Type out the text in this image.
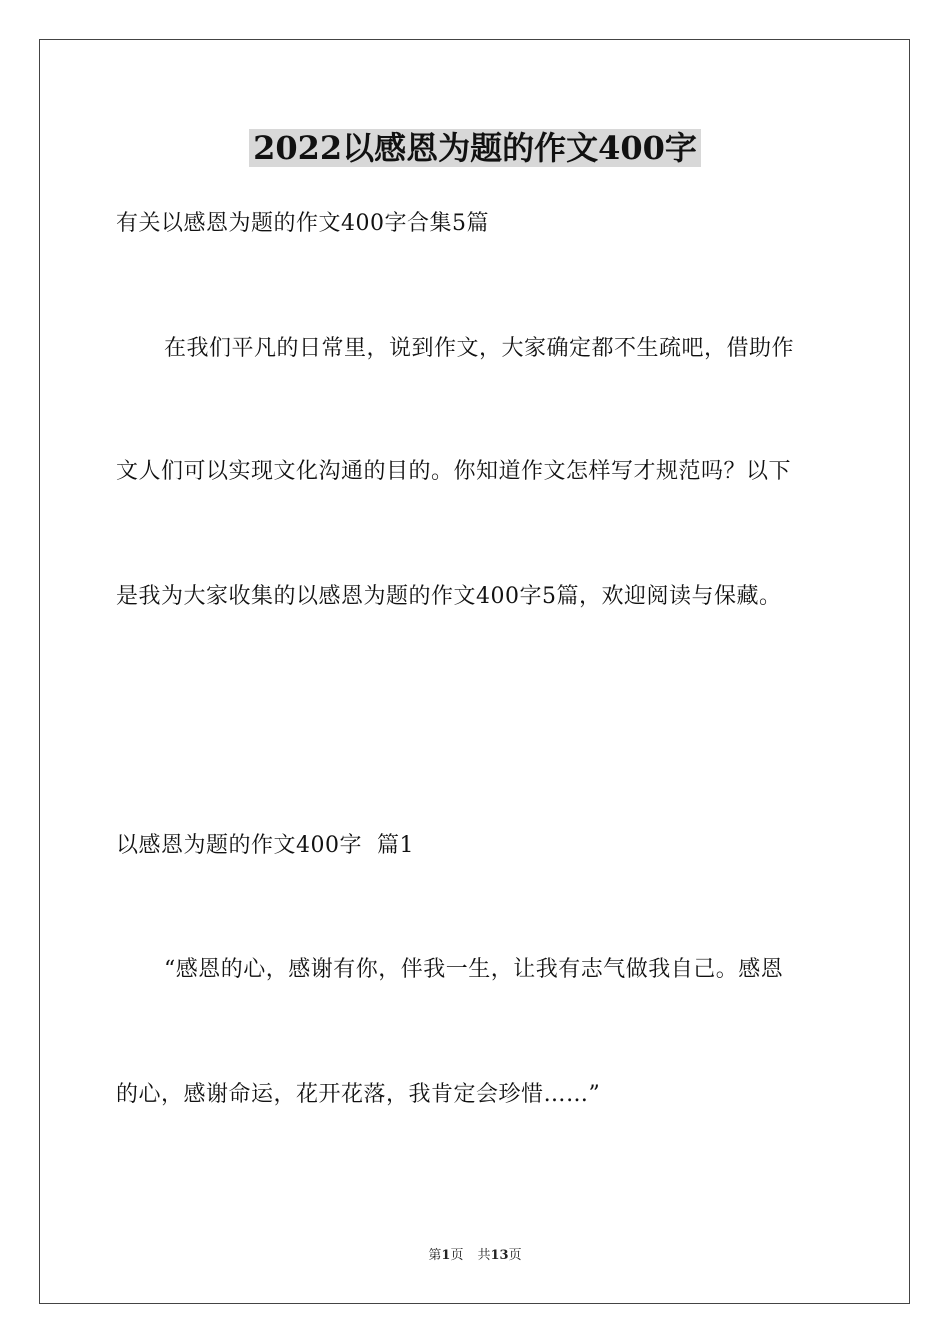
2022以感恩为题的作文400字
有关以感恩为题的作文400字合集5篇
在我们平凡的日常里，说到作文，大家确定都不生疏吧，借助作
文人们可以实现文化沟通的目的。你知道作文怎样写才规范吗？以下
是我为大家收集的以感恩为题的作文400字5篇，欢迎阅读与保藏。
以感恩为题的作文400字  篇1
“感恩的心，感谢有你，伴我一生，让我有志气做我自己。感恩
的心，感谢命运，花开花落，我肯定会珍惜……”
第1页 共13页
